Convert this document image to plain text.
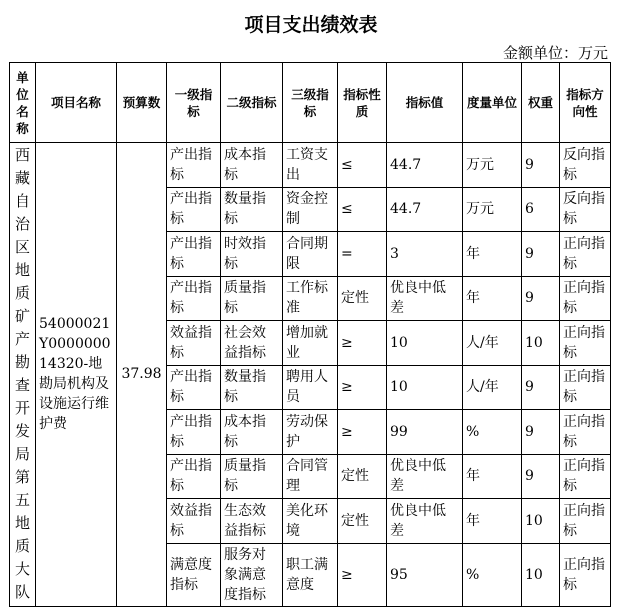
项目支出绩效表
金额单位：万元
单位名称	项目名称	预算数	一级指标	二级指标	三级指标	指标性质	指标值	度量单位	权重	指标方向性
西藏自治区地质矿产勘查开发局第五地质大队	54000021Y000000014320-地勘局机构及设施运行维护费	37.98	产出指标	成本指标	工资支出	≤	44.7	万元	9	反向指标
			产出指标	数量指标	资金控制	≤	44.7	万元	6	反向指标
			产出指标	时效指标	合同期限	=	3	年	9	正向指标
			产出指标	质量指标	工作标准	定性	优良中低差	年	9	正向指标
			效益指标	社会效益指标	增加就业	≥	10	人/年	10	正向指标
			产出指标	数量指标	聘用人员	≥	10	人/年	9	正向指标
			产出指标	成本指标	劳动保护	≥	99	%	9	正向指标
			产出指标	质量指标	合同管理	定性	优良中低差	年	9	正向指标
			效益指标	生态效益指标	美化环境	定性	优良中低差	年	10	正向指标
			满意度指标	服务对象满意度指标	职工满意度	≥	95	%	10	正向指标
